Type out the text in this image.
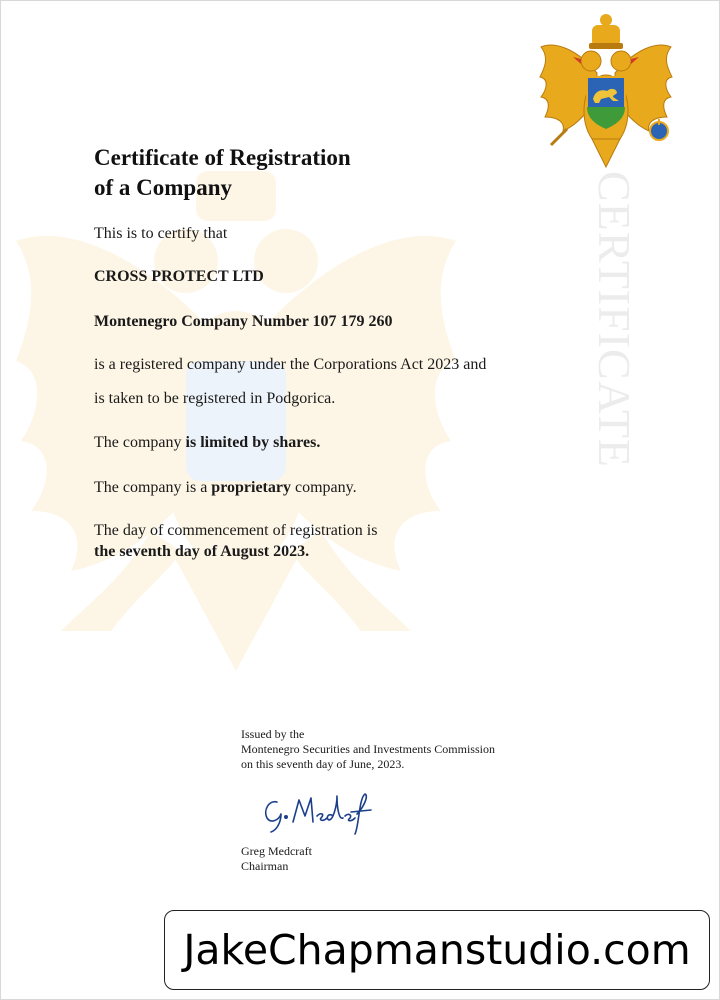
CERTIFICATE
Certificate of Registration
of a Company
This is to certify that
CROSS PROTECT LTD
Montenegro Company Number 107 179 260
is a registered company under the Corporations Act 2023 and
is taken to be registered in Podgorica.
The company is limited by shares.
The company is a proprietary company.
The day of commencement of registration is
the seventh day of August 2023.
Issued by the
Montenegro Securities and Investments Commission
on this seventh day of June, 2023.
Greg Medcraft
Chairman
JakeChapmanstudio.com
